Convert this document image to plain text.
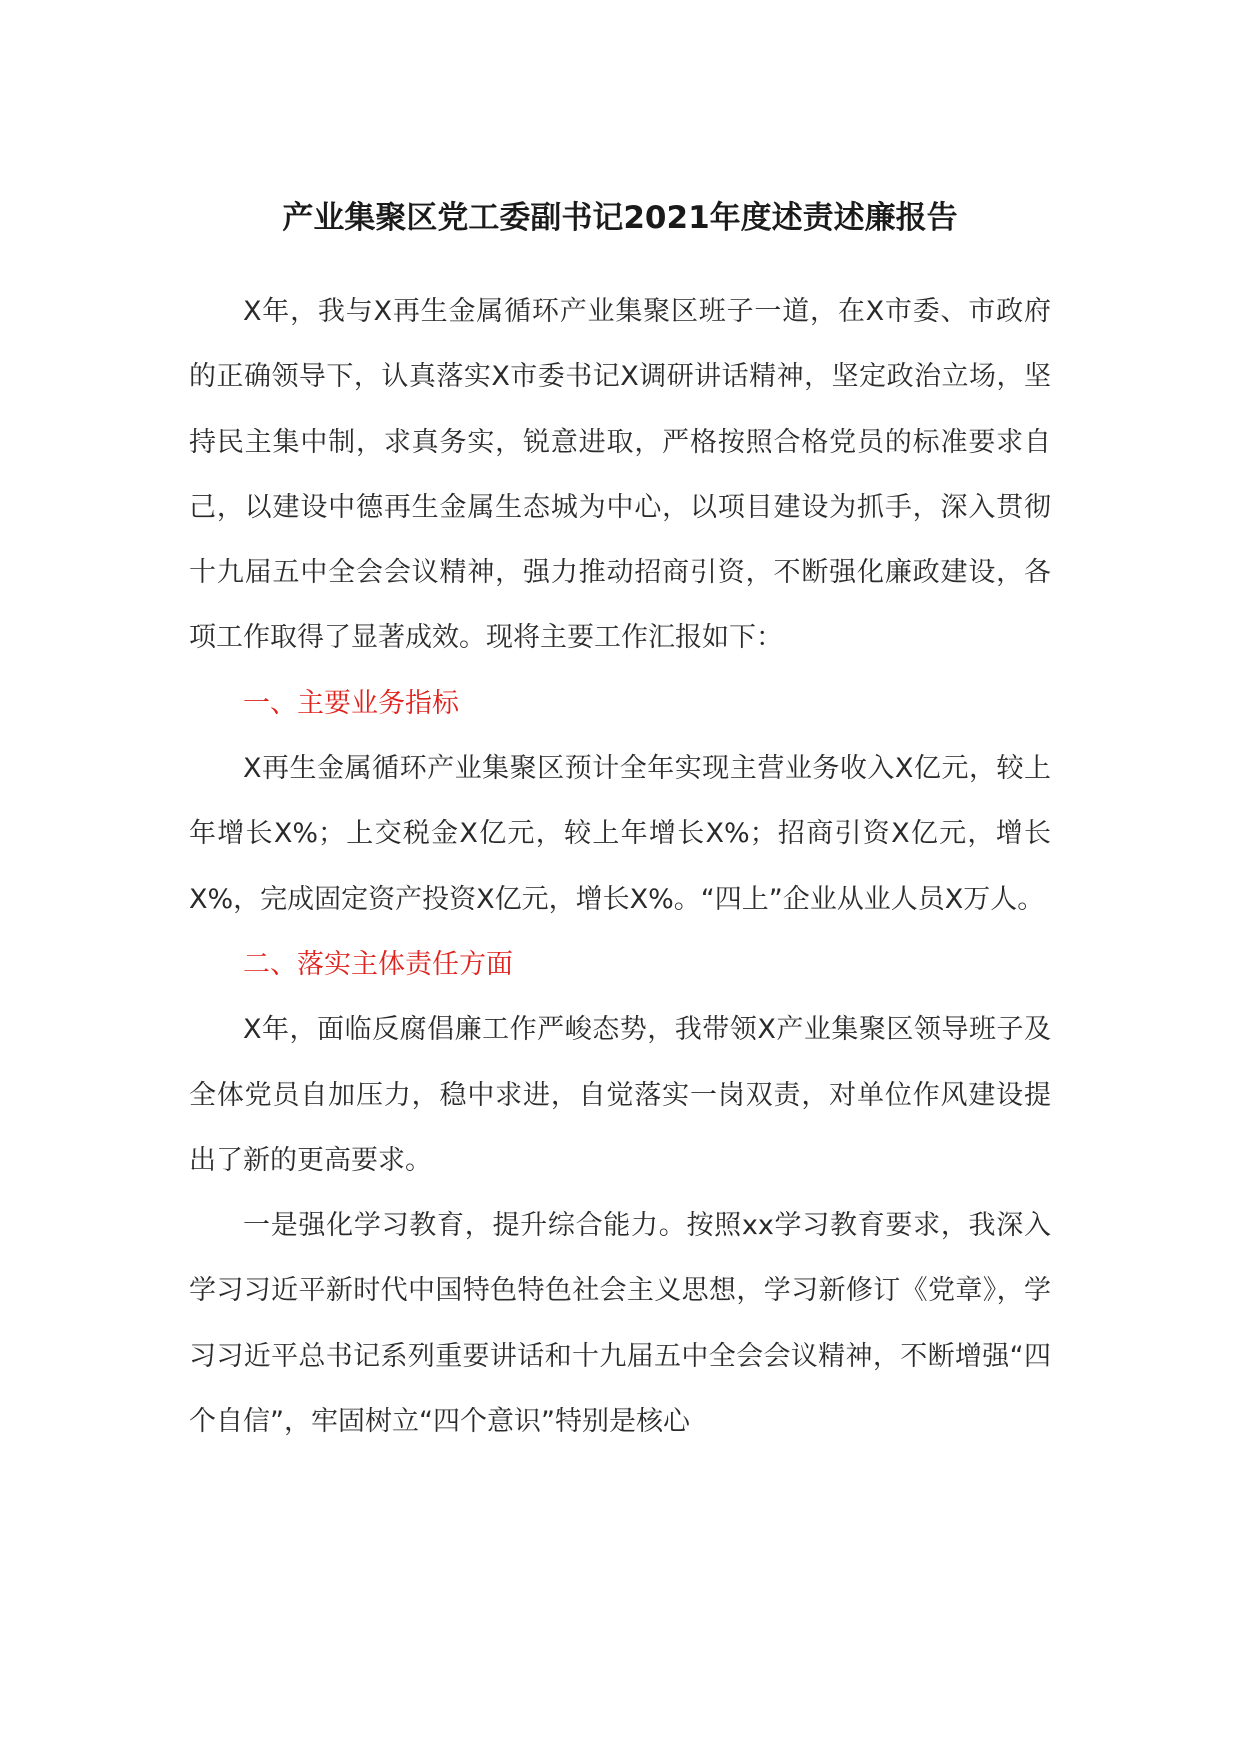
产业集聚区党工委副书记2021年度述责述廉报告

X年，我与X再生金属循环产业集聚区班子一道，在X市委、市政府的正确领导下，认真落实X市委书记X调研讲话精神，坚定政治立场，坚持民主集中制，求真务实，锐意进取，严格按照合格党员的标准要求自己，以建设中德再生金属生态城为中心，以项目建设为抓手，深入贯彻十九届五中全会会议精神，强力推动招商引资，不断强化廉政建设，各项工作取得了显著成效。现将主要工作汇报如下：

一、主要业务指标

X再生金属循环产业集聚区预计全年实现主营业务收入X亿元，较上年增长X%；上交税金X亿元，较上年增长X%；招商引资X亿元，增长X%，完成固定资产投资X亿元，增长X%。“四上”企业从业人员X万人。

二、落实主体责任方面

X年，面临反腐倡廉工作严峻态势，我带领X产业集聚区领导班子及全体党员自加压力，稳中求进，自觉落实一岗双责，对单位作风建设提出了新的更高要求。

一是强化学习教育，提升综合能力。按照xx学习教育要求，我深入学习习近平新时代中国特色特色社会主义思想，学习新修订《党章》，学习习近平总书记系列重要讲话和十九届五中全会会议精神，不断增强“四个自信”，牢固树立“四个意识”特别是核心
